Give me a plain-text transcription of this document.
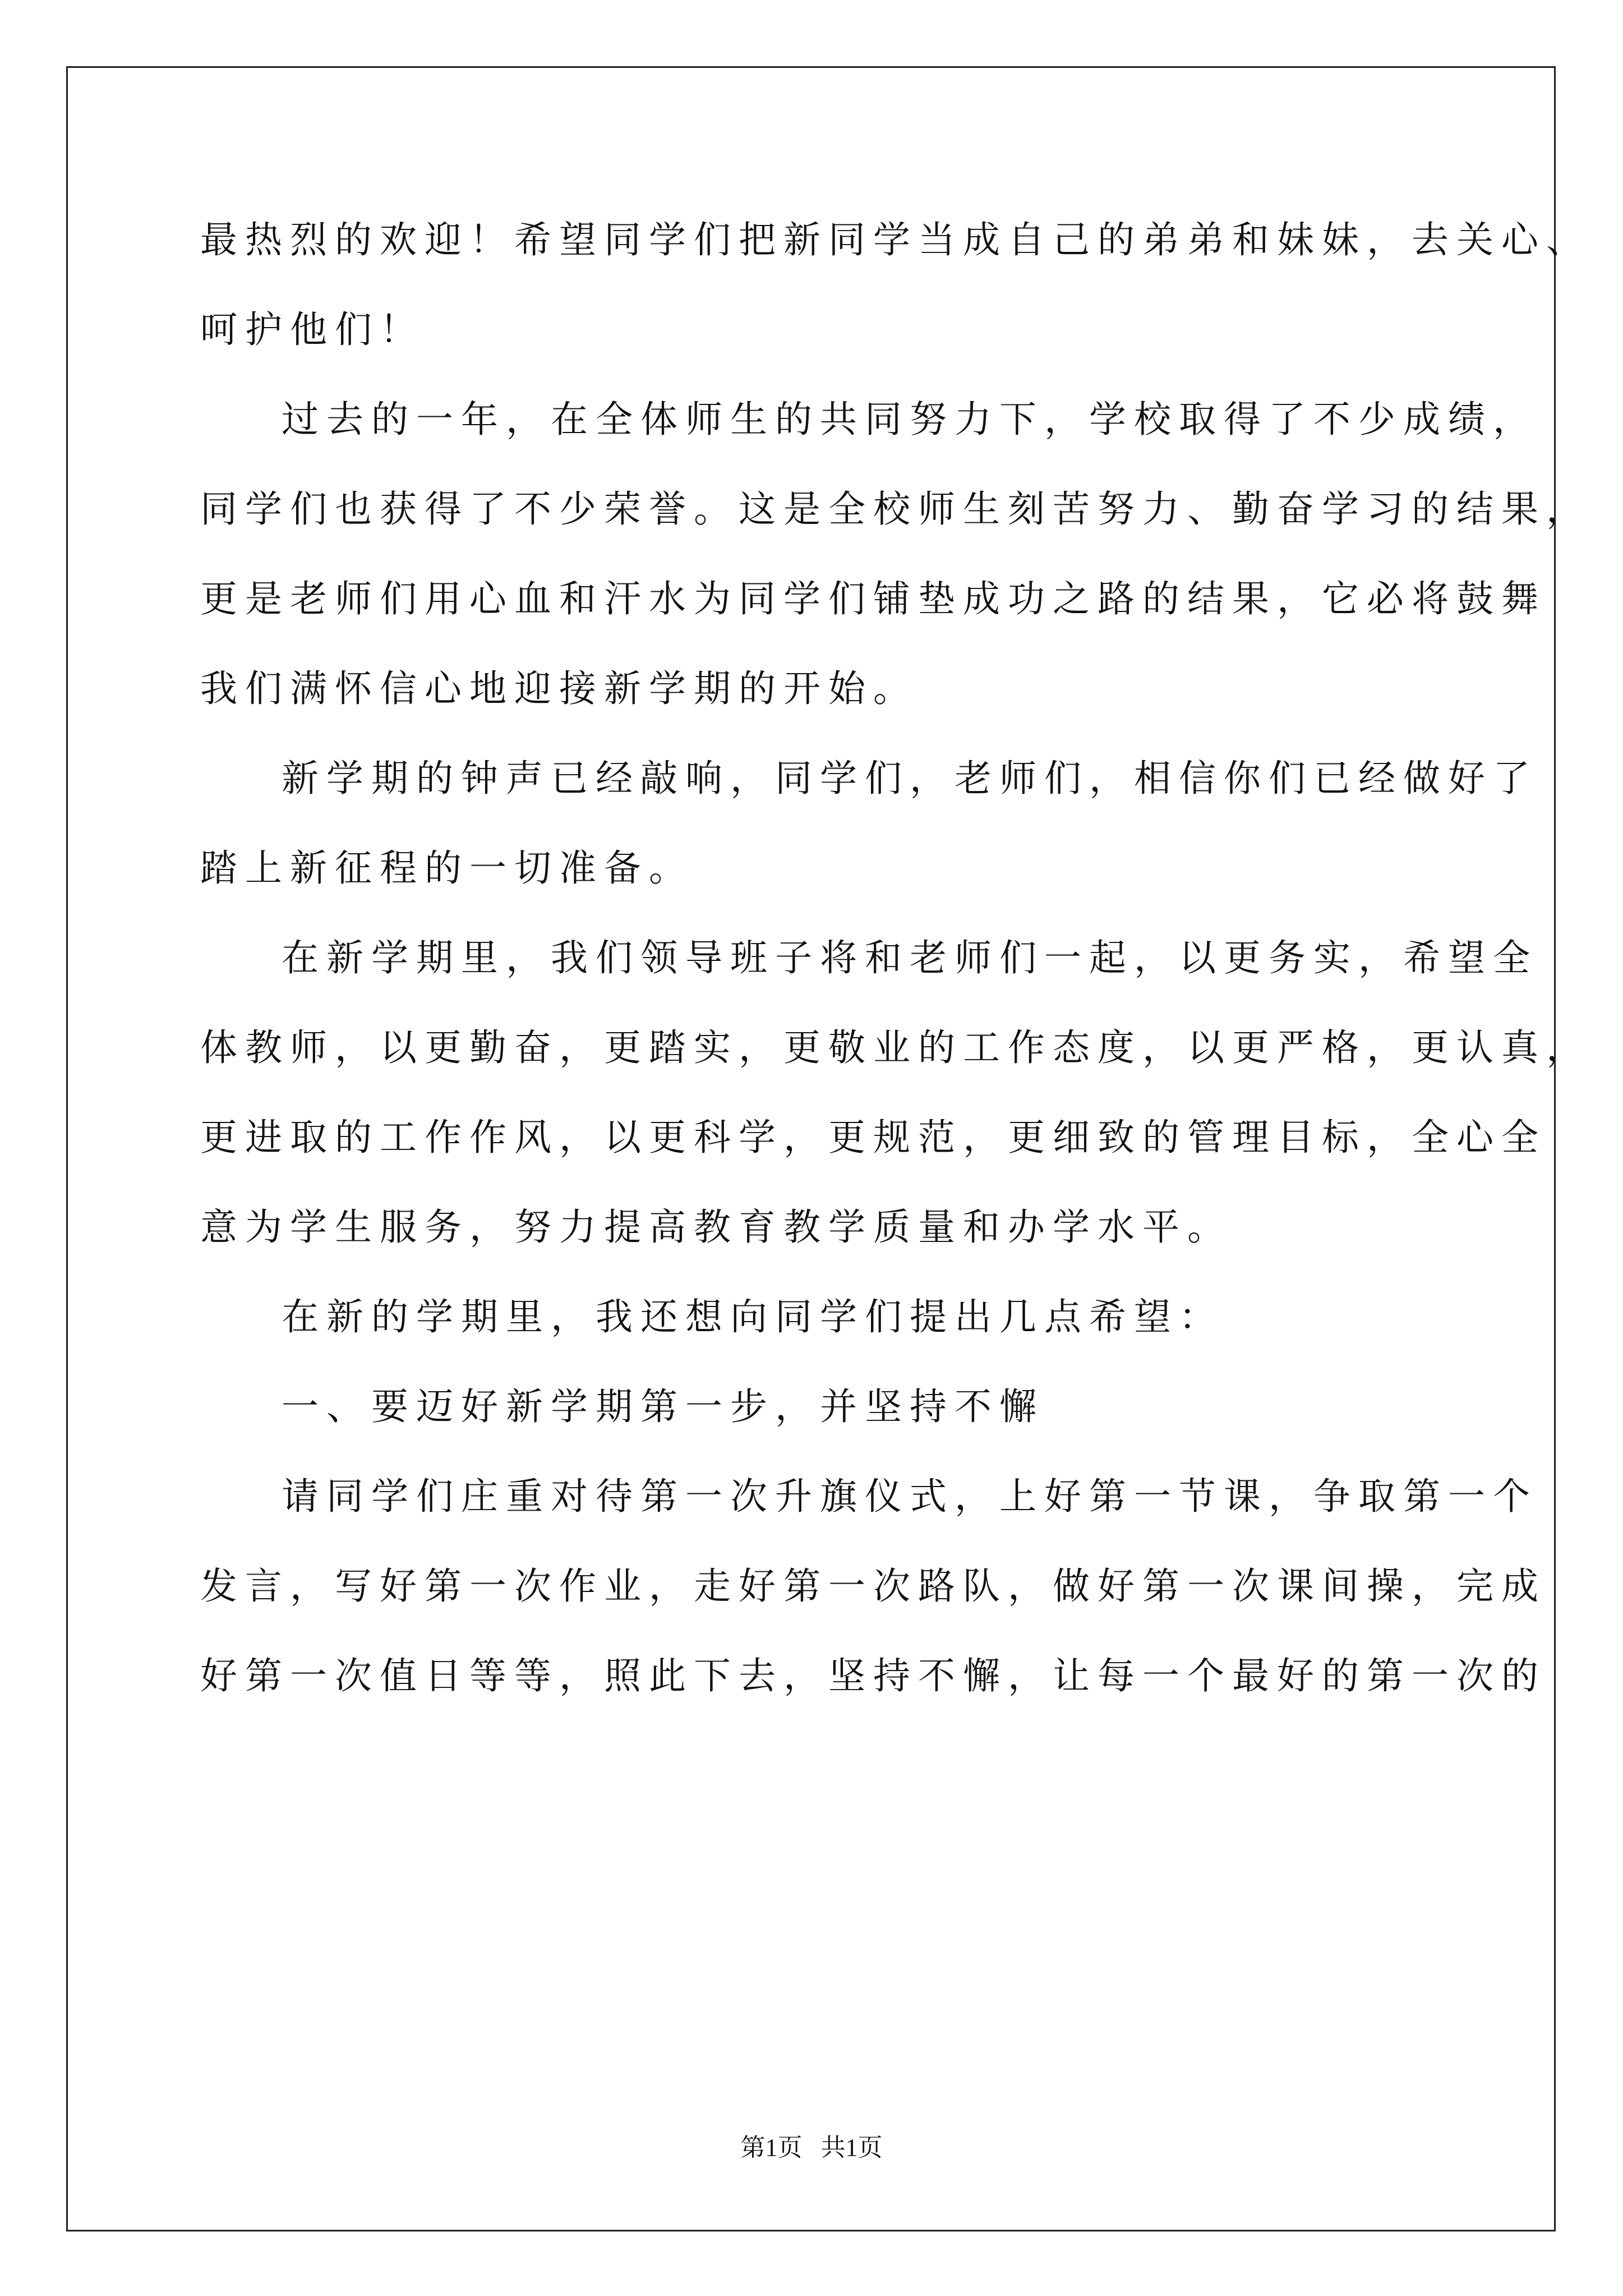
最热烈的欢迎！希望同学们把新同学当成自己的弟弟和妹妹，去关心、
呵护他们！
过去的一年，在全体师生的共同努力下，学校取得了不少成绩，
同学们也获得了不少荣誉。这是全校师生刻苦努力、勤奋学习的结果，
更是老师们用心血和汗水为同学们铺垫成功之路的结果，它必将鼓舞
我们满怀信心地迎接新学期的开始。
新学期的钟声已经敲响，同学们，老师们，相信你们已经做好了
踏上新征程的一切准备。
在新学期里，我们领导班子将和老师们一起，以更务实，希望全
体教师，以更勤奋，更踏实，更敬业的工作态度，以更严格，更认真，
更进取的工作作风，以更科学，更规范，更细致的管理目标，全心全
意为学生服务，努力提高教育教学质量和办学水平。
在新的学期里，我还想向同学们提出几点希望：
一、要迈好新学期第一步，并坚持不懈
请同学们庄重对待第一次升旗仪式，上好第一节课，争取第一个
发言，写好第一次作业，走好第一次路队，做好第一次课间操，完成
好第一次值日等等，照此下去，坚持不懈，让每一个最好的第一次的
第1页   共1页
